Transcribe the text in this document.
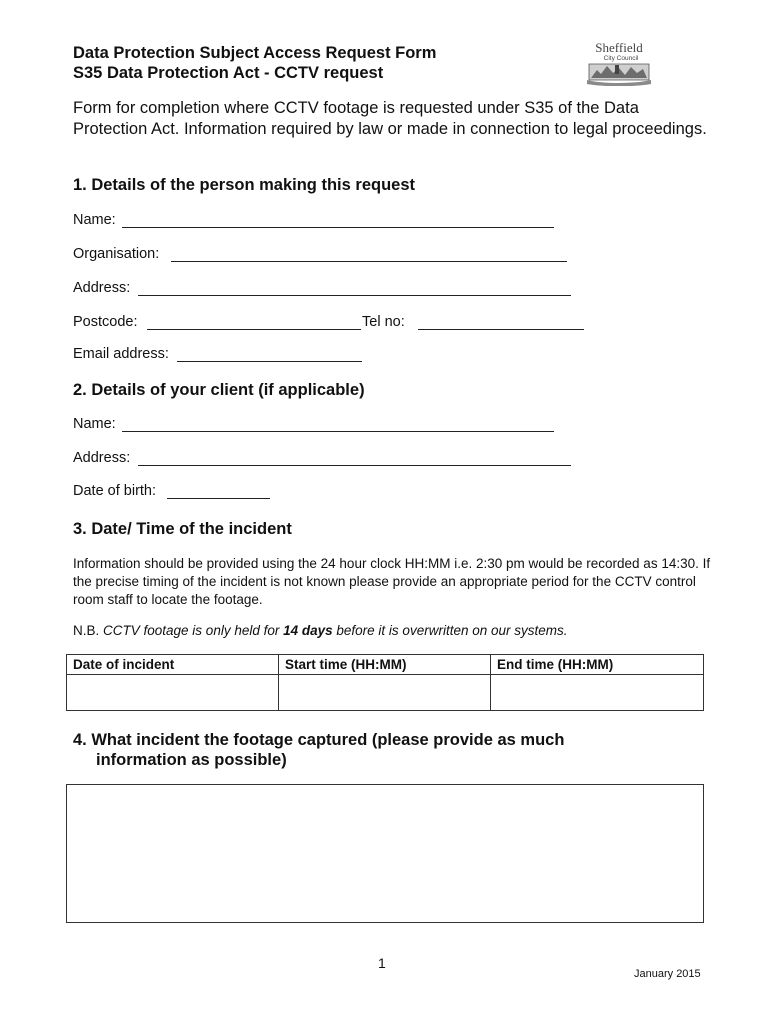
Data Protection Subject Access Request Form
S35 Data Protection Act - CCTV request
Sheffield
City Council
Form for completion where CCTV footage is requested under S35 of the Data Protection Act. Information required by law or made in connection to legal proceedings.
1. Details of the person making this request
Name:
Organisation:
Address:
Postcode:	Tel no:
Email address:
2. Details of your client (if applicable)
Name:
Address:
Date of birth:
3. Date/ Time of the incident
Information should be provided using the 24 hour clock HH:MM i.e. 2:30 pm would be recorded as 14:30. If the precise timing of the incident is not known please provide an appropriate period for the CCTV control room staff to locate the footage.
N.B. CCTV footage is only held for 14 days before it is overwritten on our systems.
Date of incident	Start time (HH:MM)	End time (HH:MM)

4. What incident the footage captured (please provide as much
information as possible)
1
January 2015
